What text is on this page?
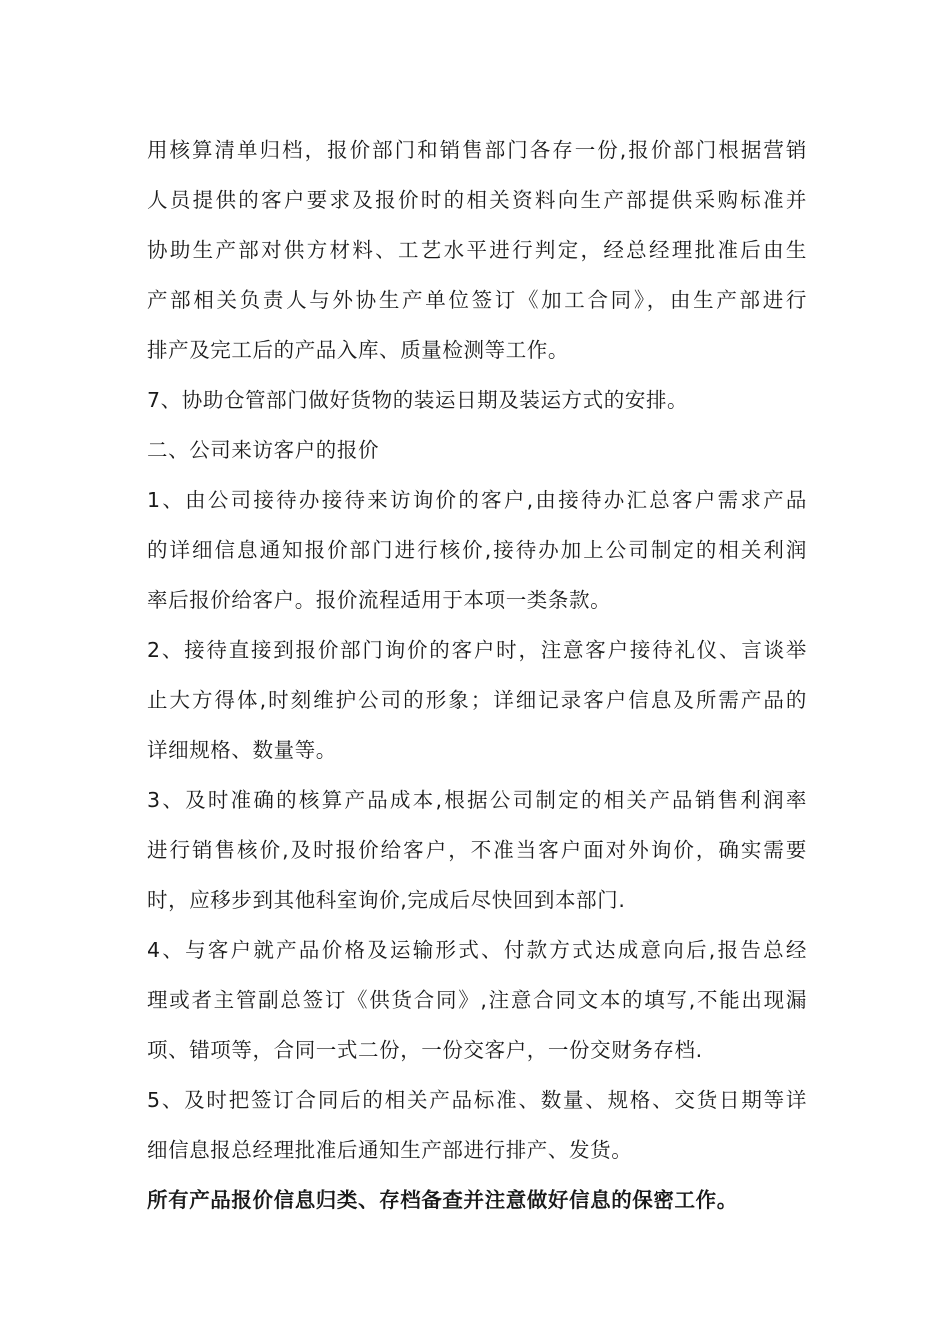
用核算清单归档，报价部门和销售部门各存一份,报价部门根据营销
人员提供的客户要求及报价时的相关资料向生产部提供采购标准并
协助生产部对供方材料、工艺水平进行判定，经总经理批准后由生
产部相关负责人与外协生产单位签订《加工合同》，由生产部进行
排产及完工后的产品入库、质量检测等工作。
7、协助仓管部门做好货物的装运日期及装运方式的安排。
二、公司来访客户的报价
1、由公司接待办接待来访询价的客户,由接待办汇总客户需求产品
的详细信息通知报价部门进行核价,接待办加上公司制定的相关利润
率后报价给客户。报价流程适用于本项一类条款。
2、接待直接到报价部门询价的客户时，注意客户接待礼仪、言谈举
止大方得体,时刻维护公司的形象；详细记录客户信息及所需产品的
详细规格、数量等。
3、及时准确的核算产品成本,根据公司制定的相关产品销售利润率
进行销售核价,及时报价给客户，不准当客户面对外询价，确实需要
时，应移步到其他科室询价,完成后尽快回到本部门.
4、与客户就产品价格及运输形式、付款方式达成意向后,报告总经
理或者主管副总签订《供货合同》,注意合同文本的填写,不能出现漏
项、错项等，合同一式二份，一份交客户，一份交财务存档.
5、及时把签订合同后的相关产品标准、数量、规格、交货日期等详
细信息报总经理批准后通知生产部进行排产、发货。
所有产品报价信息归类、存档备查并注意做好信息的保密工作。
